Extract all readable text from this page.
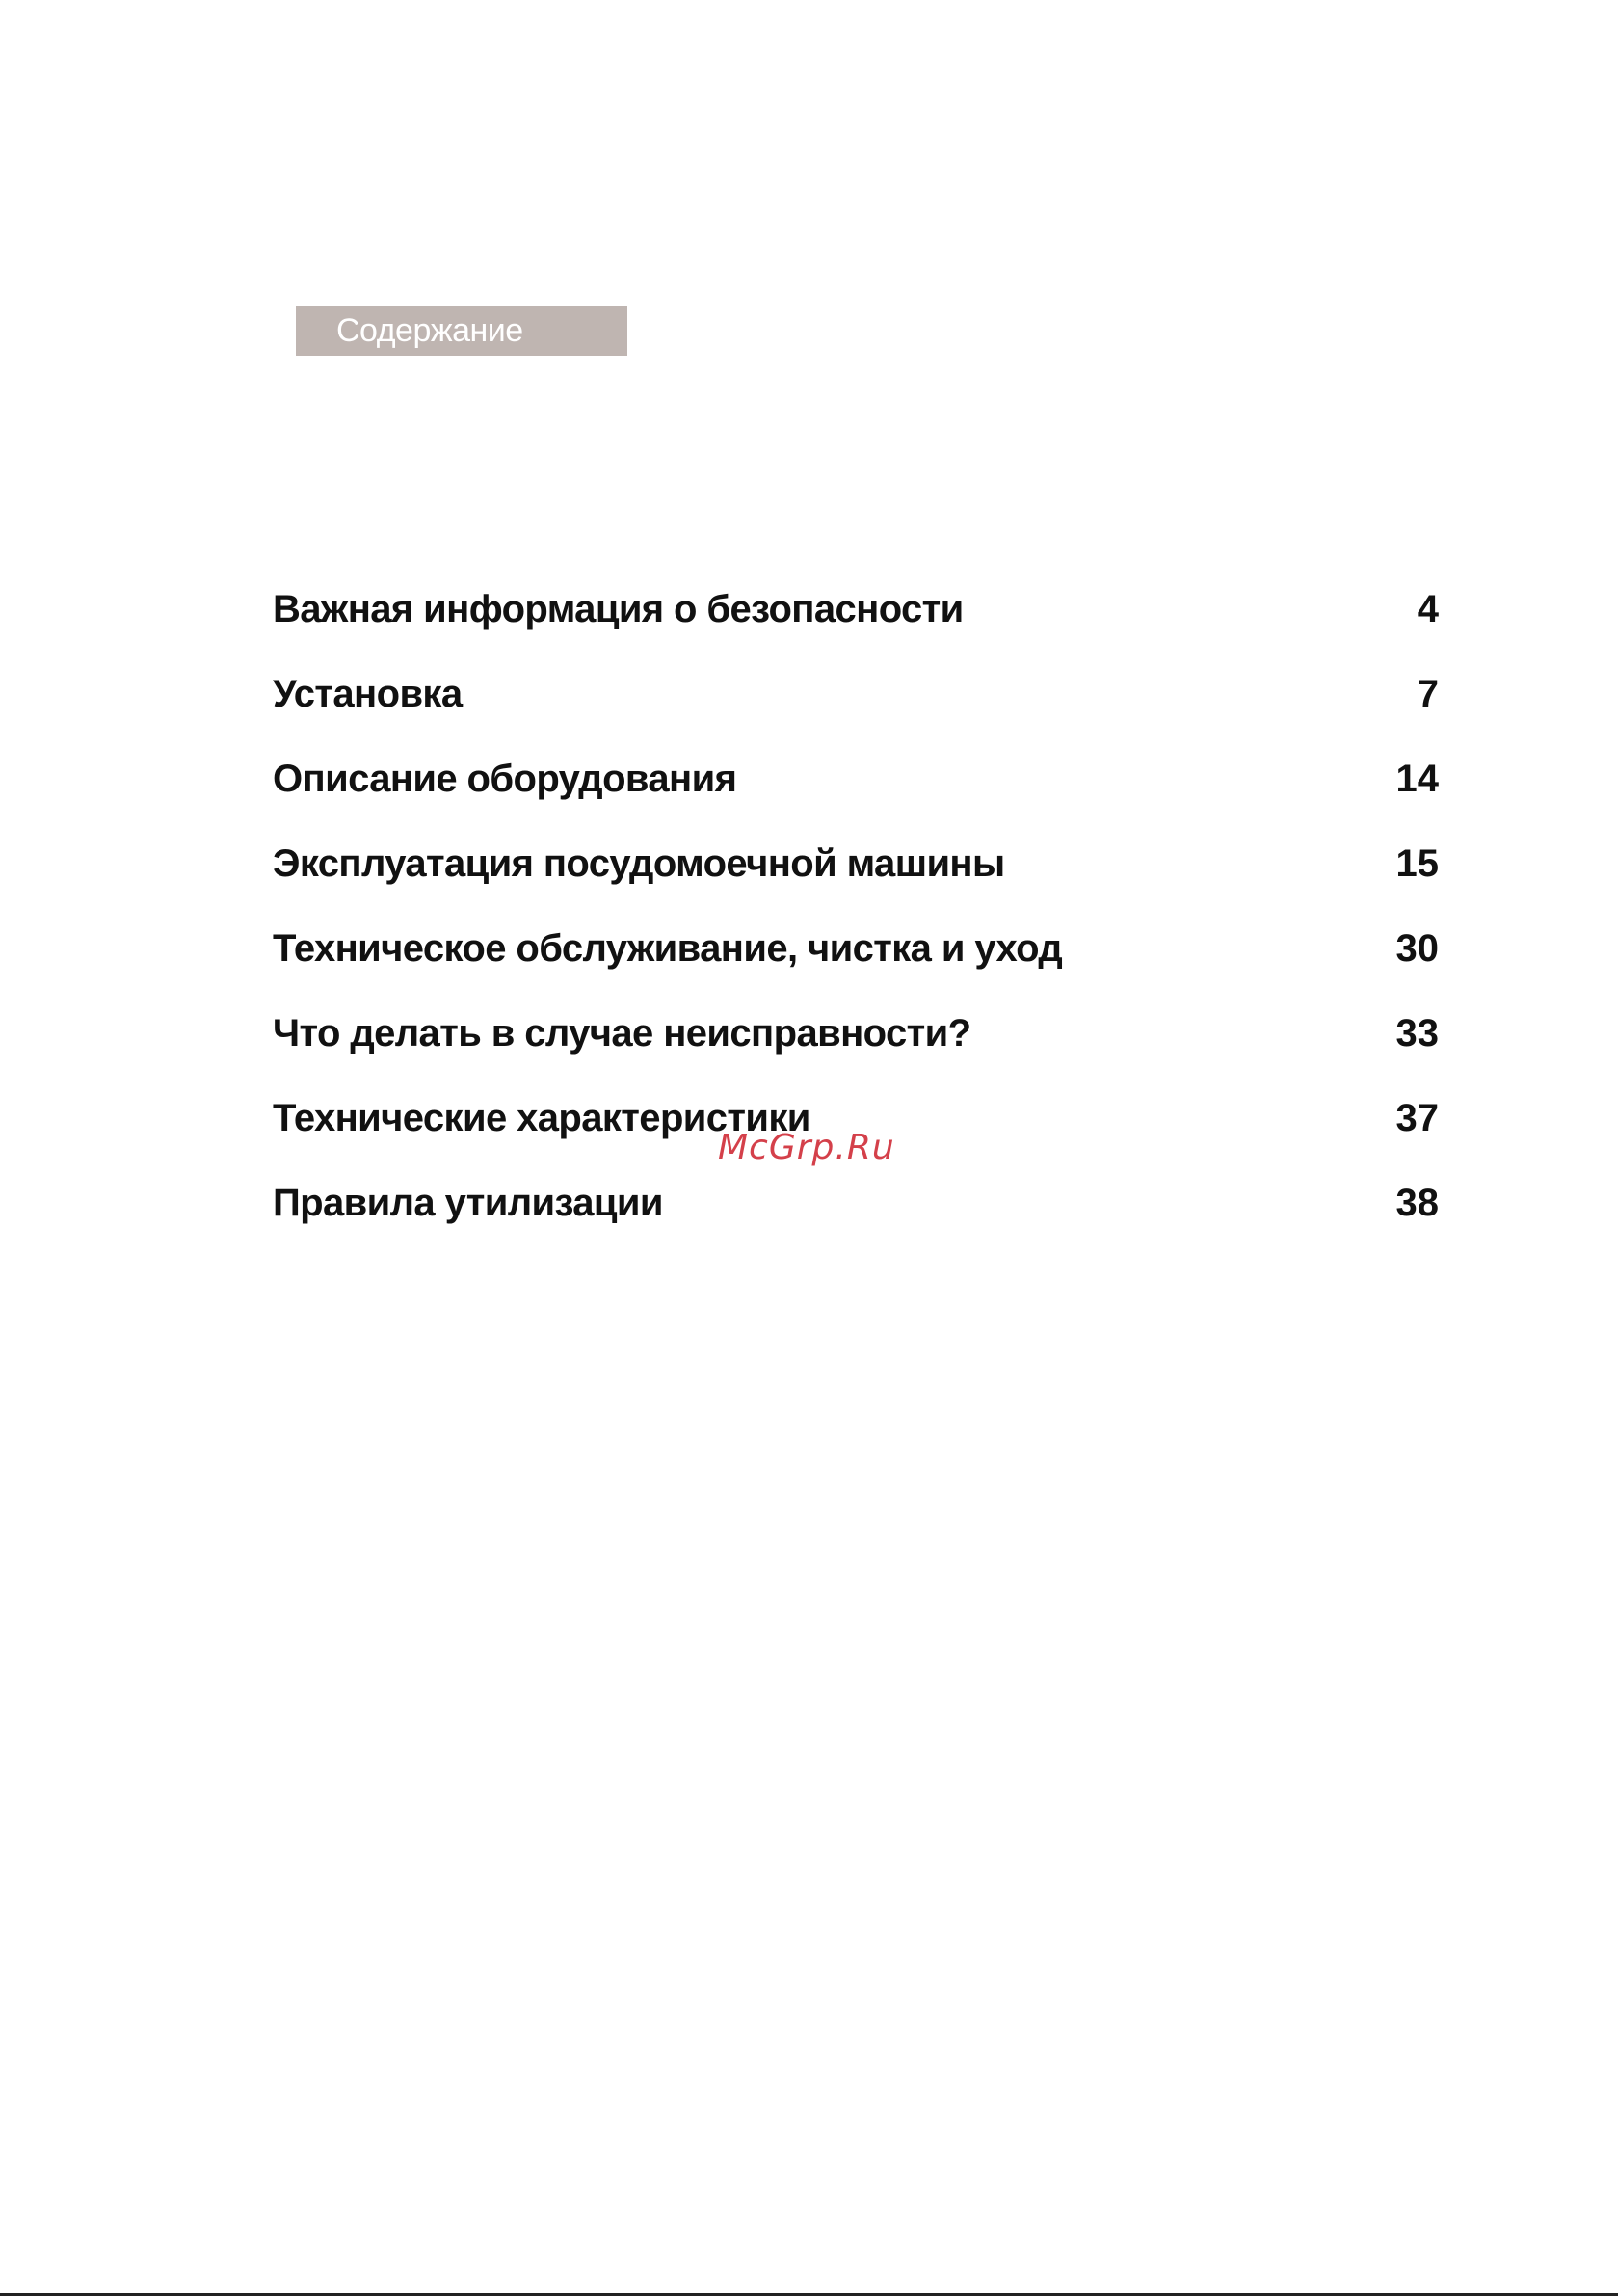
Содержание
Важная информация о безопасности	4
Установка	7
Описание оборудования	14
Эксплуатация посудомоечной машины	15
Техническое обслуживание, чистка и уход	30
Что делать в случае неисправности?	33
Технические характеристики	37
Правила утилизации	38
McGrp.Ru
